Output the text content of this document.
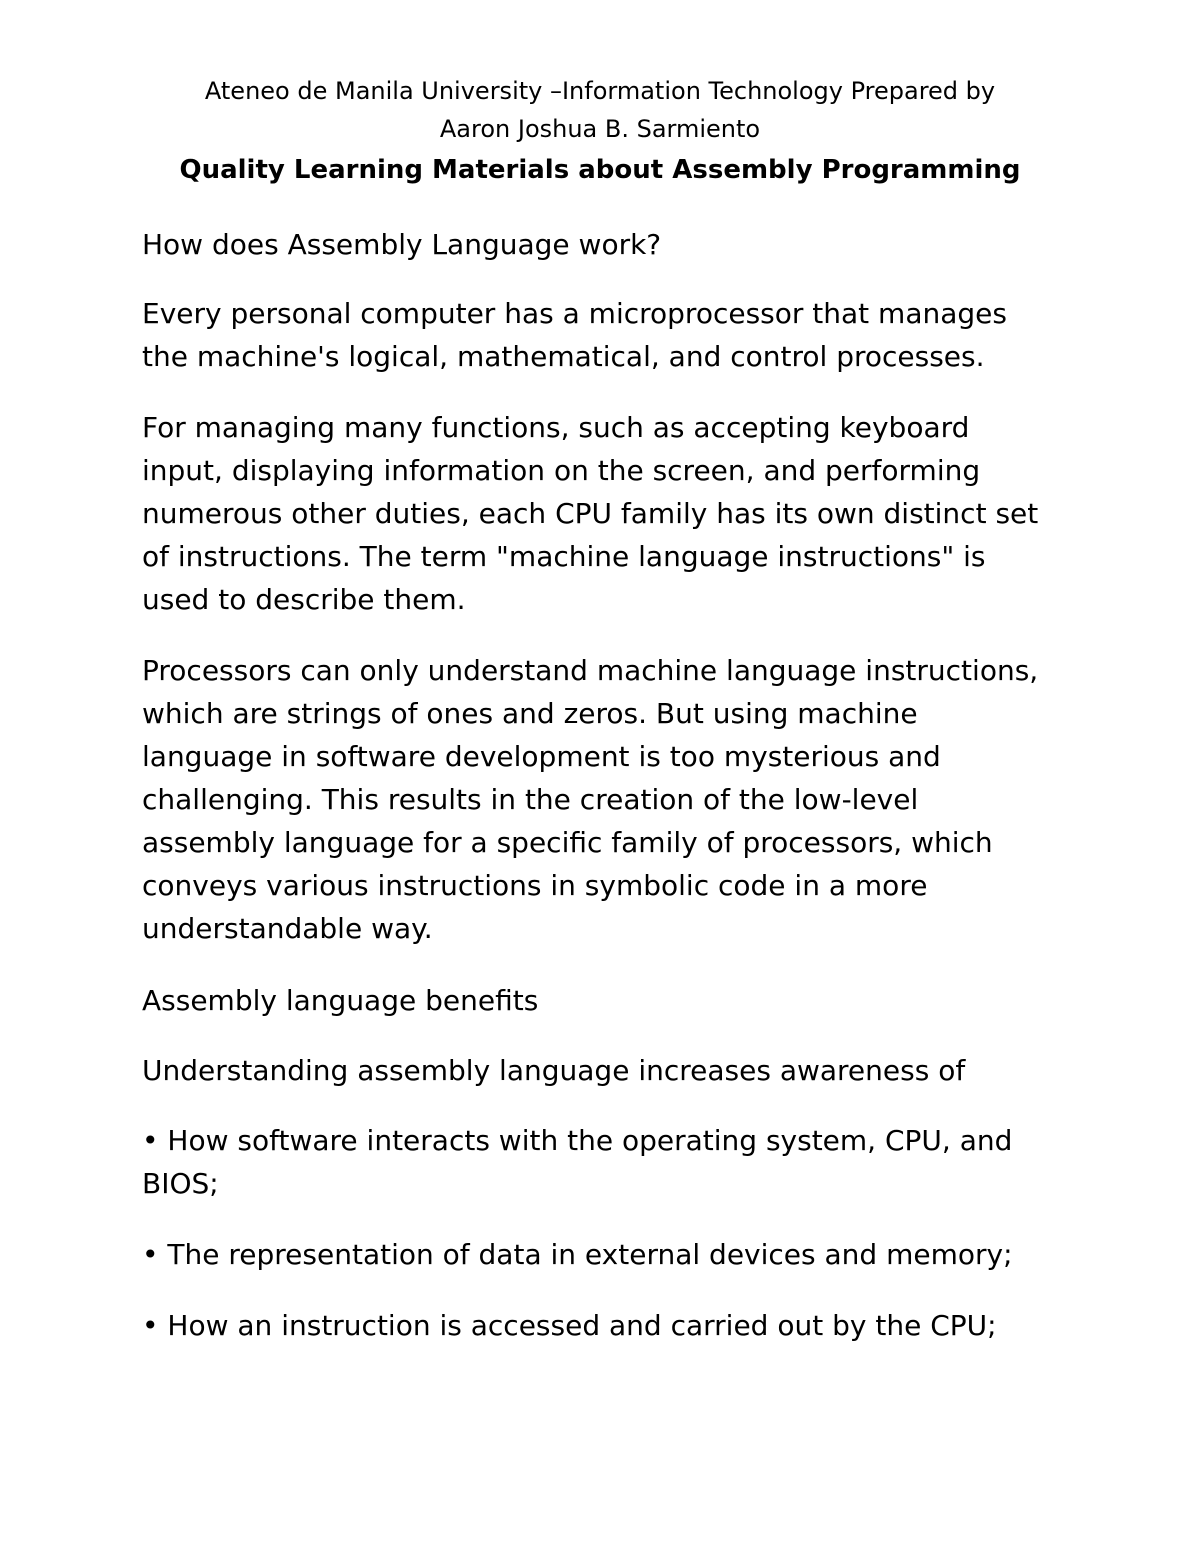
Ateneo de Manila University –Information Technology Prepared by
Aaron Joshua B. Sarmiento
Quality Learning Materials about Assembly Programming
How does Assembly Language work?
Every personal computer has a microprocessor that manages
the machine's logical, mathematical, and control processes.
For managing many functions, such as accepting keyboard
input, displaying information on the screen, and performing
numerous other duties, each CPU family has its own distinct set
of instructions. The term "machine language instructions" is
used to describe them.
Processors can only understand machine language instructions,
which are strings of ones and zeros. But using machine
language in software development is too mysterious and
challenging. This results in the creation of the low-level
assembly language for a specific family of processors, which
conveys various instructions in symbolic code in a more
understandable way.
Assembly language benefits
Understanding assembly language increases awareness of
• How software interacts with the operating system, CPU, and
BIOS;
• The representation of data in external devices and memory;
• How an instruction is accessed and carried out by the CPU;
